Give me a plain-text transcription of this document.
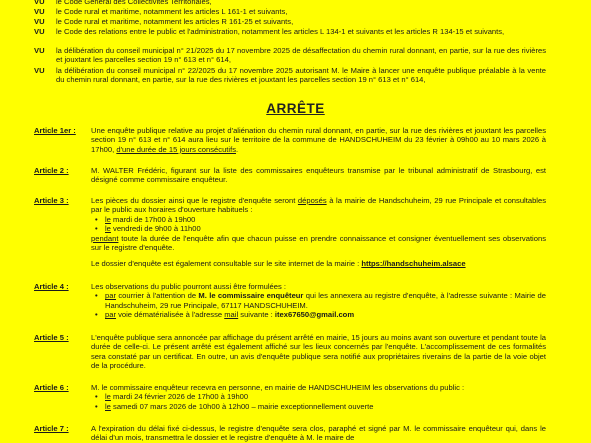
VU le Code Général des Collectivités Territoriales,
VU le Code rural et maritime, notamment les articles L 161-1 et suivants,
VU le Code rural et maritime, notamment les articles R 161-25 et suivants,
VU le Code des relations entre le public et l'administration, notamment les articles L 134-1 et suivants et les articles R 134-15 et suivants,
VU la délibération du conseil municipal n° 21/2025 du 17 novembre 2025 de désaffectation du chemin rural donnant, en partie, sur la rue des rivières et jouxtant les parcelles section 19 n° 613 et n° 614,
VU la délibération du conseil municipal n° 22/2025 du 17 novembre 2025 autorisant M. le Maire à lancer une enquête publique préalable à la vente du chemin rural donnant, en partie, sur la rue des rivières et jouxtant les parcelles section 19 n° 613 et n° 614,
ARRÊTE
Article 1er : Une enquête publique relative au projet d'aliénation du chemin rural donnant, en partie, sur la rue des rivières et jouxtant les parcelles section 19 n° 613 et n° 614 aura lieu sur le territoire de la commune de HANDSCHUHEIM du 23 février à 09h00 au 10 mars 2026 à 17h00, d'une durée de 15 jours consécutifs.
Article 2 :	M. WALTER Frédéric, figurant sur la liste des commissaires enquêteurs transmise par le tribunal administratif de Strasbourg, est désigné comme commissaire enquêteur.
Article 3 :	Les pièces du dossier ainsi que le registre d'enquête seront déposés à la mairie de Handschuheim, 29 rue Principale et consultables par le public aux horaires d'ouverture habituels :
• le mardi de 17h00 à 19h00
• le vendredi de 9h00 à 11h00
pendant toute la durée de l'enquête afin que chacun puisse en prendre connaissance et consigner éventuellement ses observations sur le registre d'enquête.
Le dossier d'enquête est également consultable sur le site internet de la mairie : https://handschuheim.alsace
Article 4 :	Les observations du public pourront aussi être formulées :
• par courrier à l'attention de M. le commissaire enquêteur qui les annexera au registre d'enquête, à l'adresse suivante : Mairie de Handschuheim, 29 rue Principale, 67117 HANDSCHUHEIM.
• par voie dématérialisée à l'adresse mail suivante : itex67650@gmail.com
Article 5 :	L'enquête publique sera annoncée par affichage du présent arrêté en mairie, 15 jours au moins avant son ouverture et pendant toute la durée de celle-ci. Le présent arrêté est également affiché sur les lieux concernés par l'enquête. L'accomplissement de ces formalités sera constaté par un certificat. En outre, un avis d'enquête publique sera notifié aux propriétaires riverains de la partie de la voie objet de la procédure.
Article 6 :	M. le commissaire enquêteur recevra en personne, en mairie de HANDSCHUHEIM les observations du public :
• le mardi 24 février 2026 de 17h00 à 19h00
• le samedi 07 mars 2026 de 10h00 à 12h00 – mairie exceptionnellement ouverte
Article 7 :	A l'expiration du délai fixé ci-dessus, le registre d'enquête sera clos, paraphé et signé par M. le commissaire enquêteur qui, dans le délai d'un mois, transmettra le dossier et le registre d'enquête à M. le maire de
